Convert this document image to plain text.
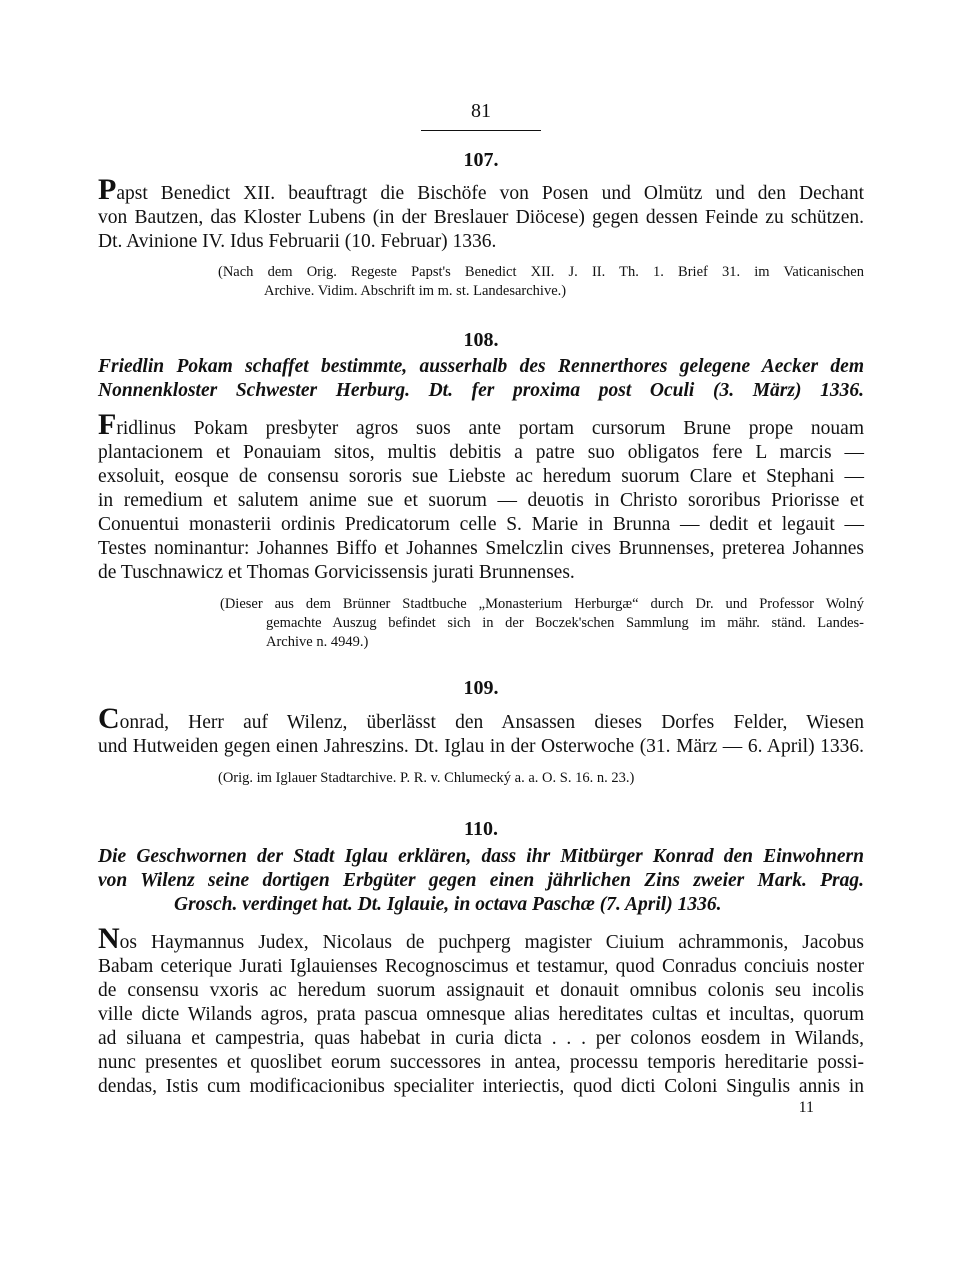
81

107.

Papst Benedict XII. beauftragt die Bischöfe von Posen und Olmütz und den Dechant
von Bautzen, das Kloster Lubens (in der Breslauer Diöcese) gegen dessen Feinde zu schützen.
Dt. Avinione IV. Idus Februarii (10. Februar) 1336.
(Nach dem Orig. Regeste Papst's Benedict XII. J. II. Th. 1. Brief 31. im Vaticanischen
Archive. Vidim. Abschrift im m. st. Landesarchive.)

108.

Friedlin Pokam schaffet bestimmte, ausserhalb des Rennerthores gelegene Aecker dem
Nonnenkloster Schwester Herburg. Dt. fer proxima post Oculi (3. März) 1336.
Fridlinus Pokam presbyter agros suos ante portam cursorum Brune prope nouam
plantacionem et Ponauiam sitos, multis debitis a patre suo obligatos fere L marcis —
exsoluit, eosque de consensu sororis sue Liebste ac heredum suorum Clare et Stephani —
in remedium et salutem anime sue et suorum — deuotis in Christo sororibus Priorisse et
Conuentui monasterii ordinis Predicatorum celle S. Marie in Brunna — dedit et legauit —
Testes nominantur: Johannes Biffo et Johannes Smelczlin cives Brunnenses, preterea Johannes
de Tuschnawicz et Thomas Gorvicissensis jurati Brunnenses.
(Dieser aus dem Brünner Stadtbuche „Monasterium Herburgæ“ durch Dr. und Professor Wolný
gemachte Auszug befindet sich in der Boczek'schen Sammlung im mähr. ständ. Landes-
Archive n. 4949.)

109.

Conrad, Herr auf Wilenz, überlässt den Ansassen dieses Dorfes Felder, Wiesen
und Hutweiden gegen einen Jahreszins. Dt. Iglau in der Osterwoche (31. März — 6. April) 1336.
(Orig. im Iglauer Stadtarchive. P. R. v. Chlumecký a. a. O. S. 16. n. 23.)

110.

Die Geschwornen der Stadt Iglau erklären, dass ihr Mitbürger Konrad den Einwohnern
von Wilenz seine dortigen Erbgüter gegen einen jährlichen Zins zweier Mark. Prag.
Grosch. verdinget hat. Dt. Iglauie, in octava Paschæ (7. April) 1336.
Nos Haymannus Judex, Nicolaus de puchperg magister Ciuium achrammonis, Jacobus
Babam ceterique Jurati Iglauienses Recognoscimus et testamur, quod Conradus conciuis noster
de consensu vxoris ac heredum suorum assignauit et donauit omnibus colonis seu incolis
ville dicte Wilands agros, prata pascua omnesque alias hereditates cultas et incultas, quorum
ad siluana et campestria, quas habebat in curia dicta . . . per colonos eosdem in Wilands,
nunc presentes et quoslibet eorum successores in antea, processu temporis hereditarie possi-
dendas, Istis cum modificacionibus specialiter interiectis, quod dicti Coloni Singulis annis in

11
